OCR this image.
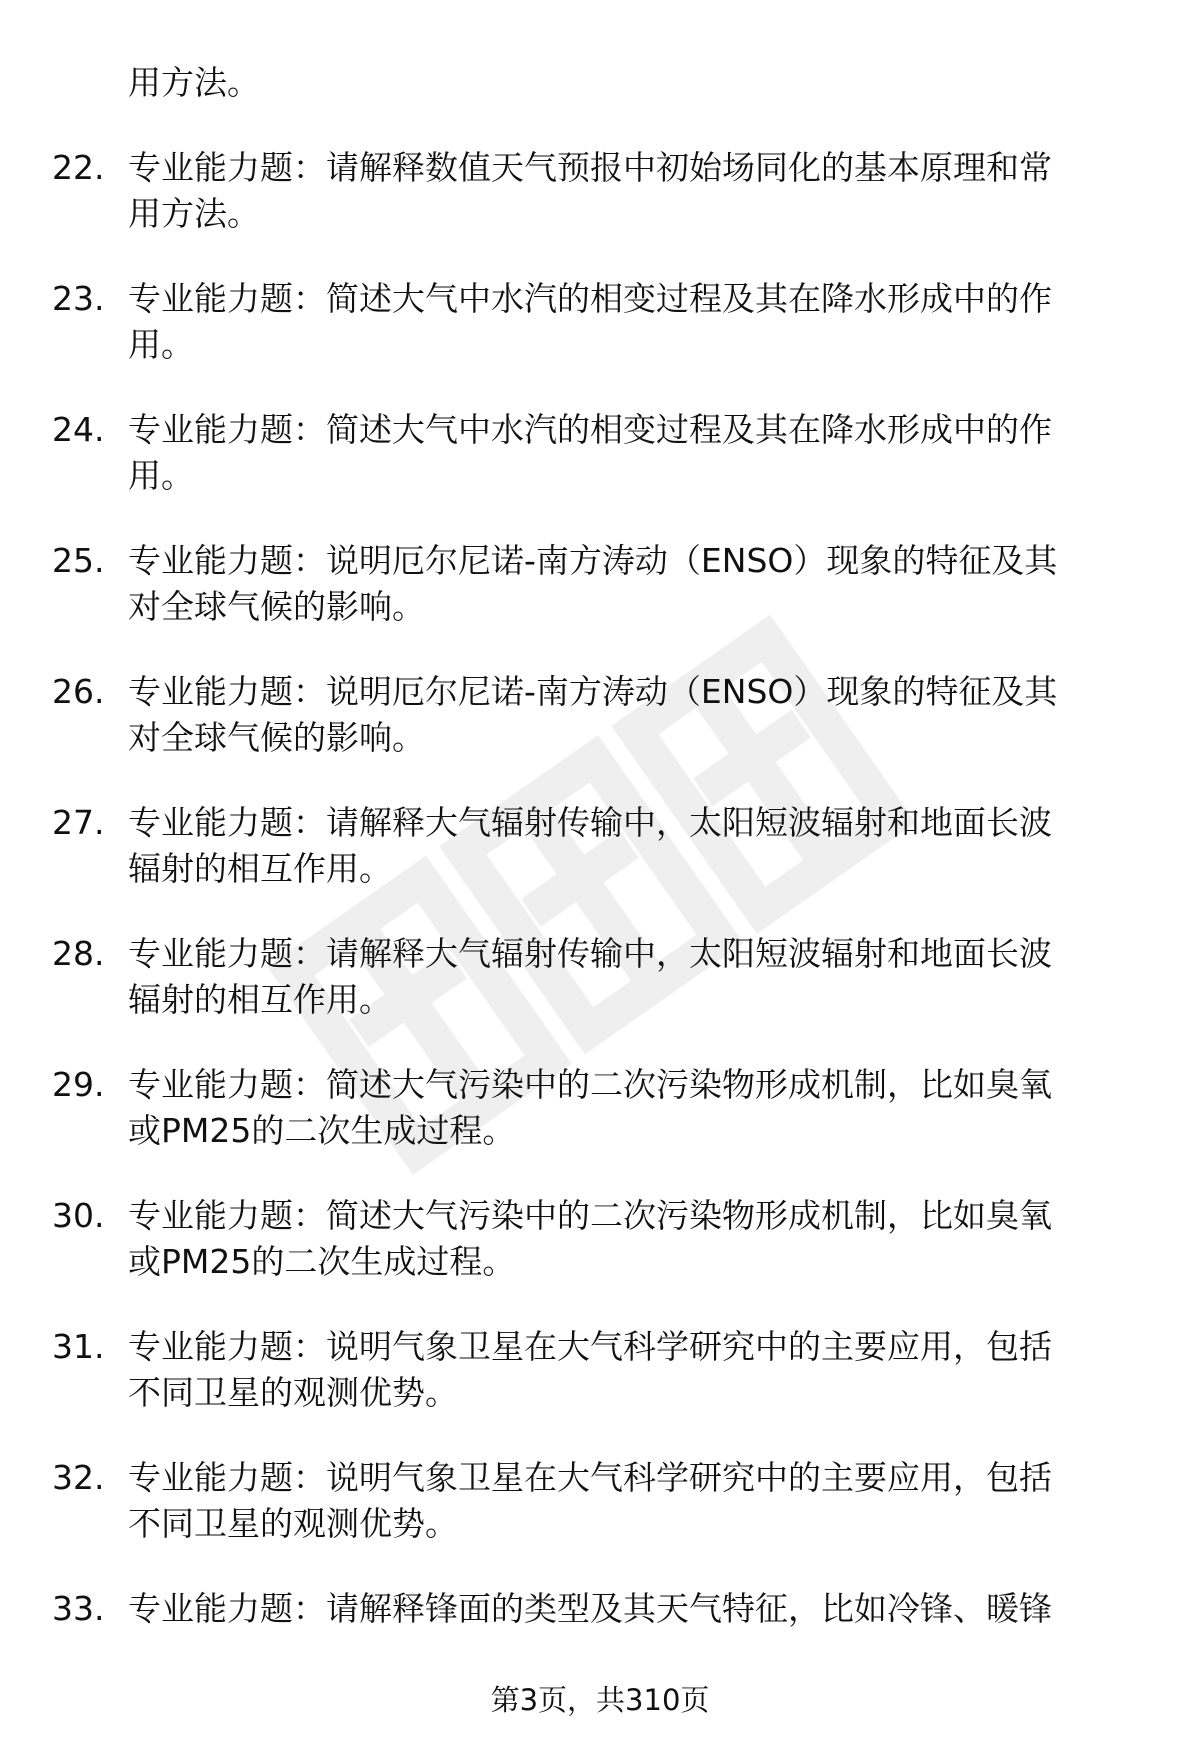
用方法。

22. 专业能力题：请解释数值天气预报中初始场同化的基本原理和常
用方法。
23. 专业能力题：简述大气中水汽的相变过程及其在降水形成中的作
用。
24. 专业能力题：简述大气中水汽的相变过程及其在降水形成中的作
用。
25. 专业能力题：说明厄尔尼诺-南方涛动（ENSO）现象的特征及其
对全球气候的影响。
26. 专业能力题：说明厄尔尼诺-南方涛动（ENSO）现象的特征及其
对全球气候的影响。
27. 专业能力题：请解释大气辐射传输中，太阳短波辐射和地面长波
辐射的相互作用。
28. 专业能力题：请解释大气辐射传输中，太阳短波辐射和地面长波
辐射的相互作用。
29. 专业能力题：简述大气污染中的二次污染物形成机制，比如臭氧
或PM25的二次生成过程。
30. 专业能力题：简述大气污染中的二次污染物形成机制，比如臭氧
或PM25的二次生成过程。
31. 专业能力题：说明气象卫星在大气科学研究中的主要应用，包括
不同卫星的观测优势。
32. 专业能力题：说明气象卫星在大气科学研究中的主要应用，包括
不同卫星的观测优势。
33. 专业能力题：请解释锋面的类型及其天气特征，比如冷锋、暖锋
第3页，共310页
